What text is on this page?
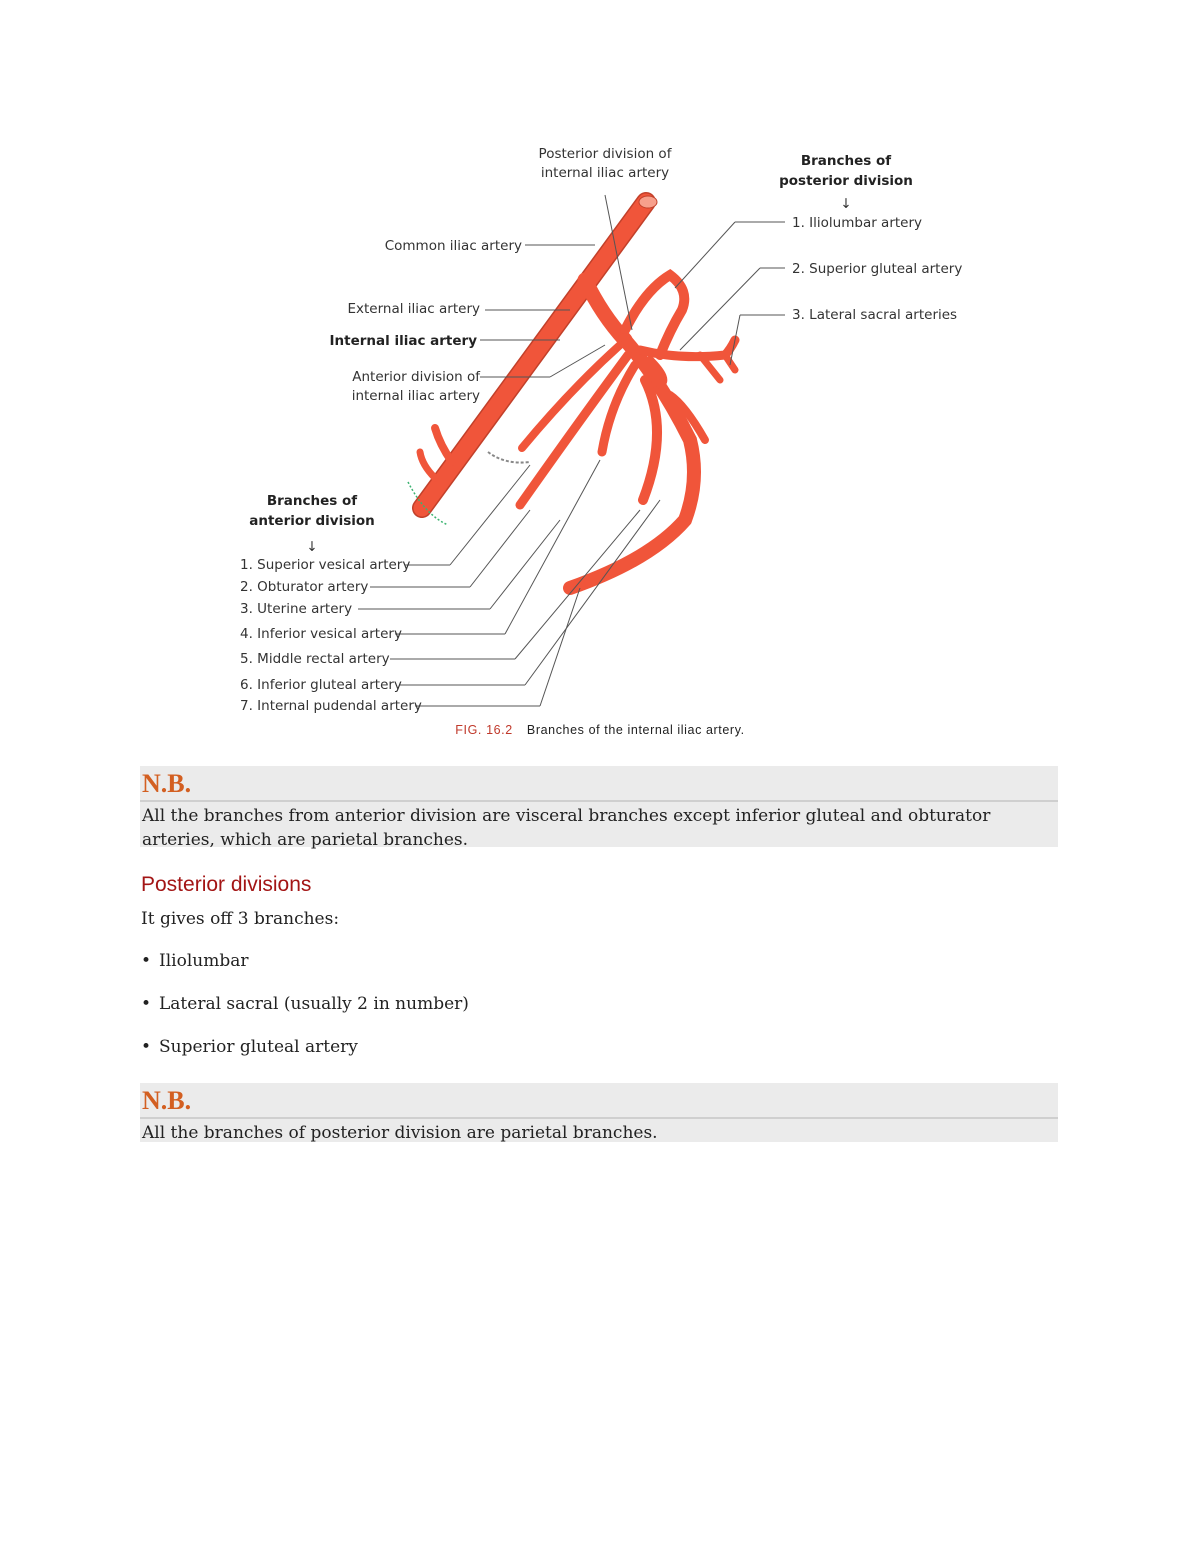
Posterior division of
internal iliac artery
Common iliac artery
External iliac artery
Internal iliac artery
Anterior division of
internal iliac artery
Branches of
posterior division
↓
1. Iliolumbar artery
2. Superior gluteal artery
3. Lateral sacral arteries
Branches of
anterior division
↓
1. Superior vesical artery
2. Obturator artery
3. Uterine artery
4. Inferior vesical artery
5. Middle rectal artery
6. Inferior gluteal artery
7. Internal pudendal artery
FIG. 16.2 Branches of the internal iliac artery.
N.B.
All the branches from anterior division are visceral branches except inferior gluteal and obturator arteries, which are parietal branches.
Posterior divisions
It gives off 3 branches:
• Iliolumbar
• Lateral sacral (usually 2 in number)
• Superior gluteal artery
N.B.
All the branches of posterior division are parietal branches.
